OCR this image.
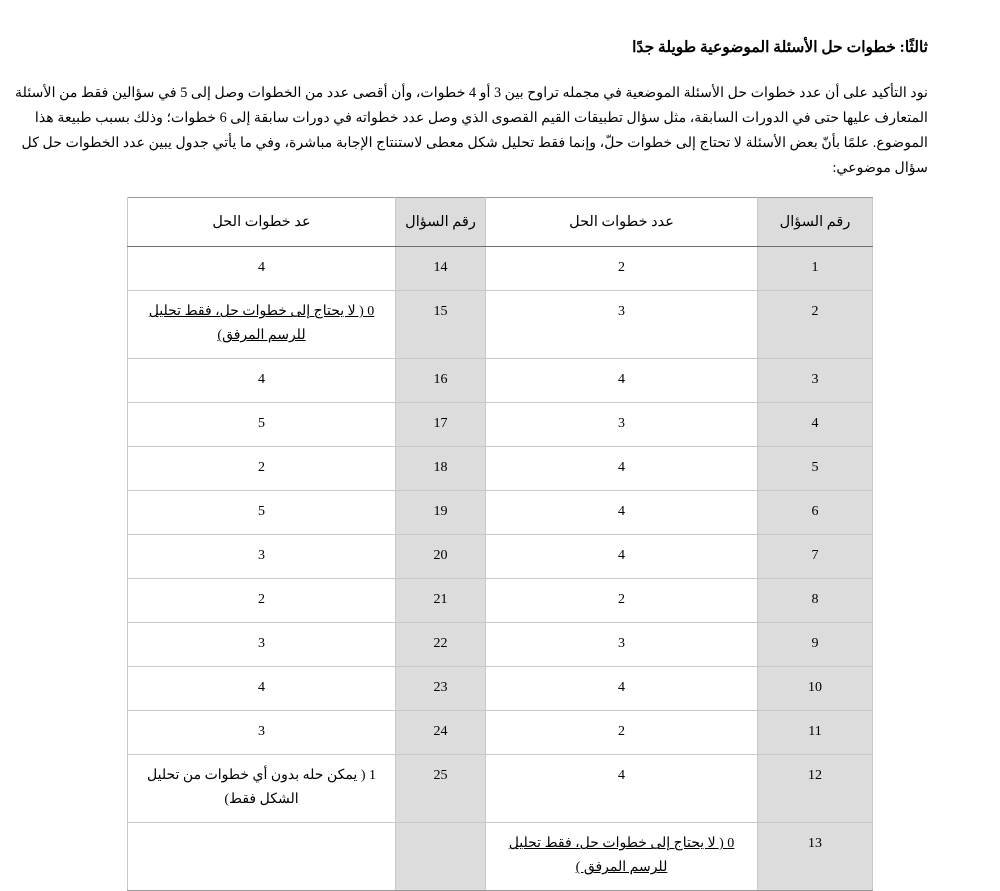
ثالثًا: خطوات حل الأسئلة الموضوعية طويلة جدًا
نود التأكيد على أن عدد خطوات حل الأسئلة الموضعية في مجمله تراوح بين 3 أو 4 خطوات، وأن أقصى عدد من الخطوات وصل إلى 5 في سؤالين فقط من الأسئلة
المتعارف عليها حتى في الدورات السابقة، مثل سؤال تطبيقات القيم القصوى الذي وصل عدد خطواته في دورات سابقة إلى 6 خطوات؛ وذلك بسبب طبيعة هذا
الموضوع. علمًا بأنّ بعض الأسئلة لا تحتاج إلى خطوات حلّ، وإنما فقط تحليل شكل معطى لاستنتاج الإجابة مباشرة، وفي ما يأتي جدول يبين عدد الخطوات حل كل
سؤال موضوعي:
رقم السؤال	عدد خطوات الحل	رقم السؤال	عد خطوات الحل
1	2	14	4
2	3	15	0 ( لا يحتاج إلى خطوات حل، فقط تحليل للرسم المرفق)
3	4	16	4
4	3	17	5
5	4	18	2
6	4	19	5
7	4	20	3
8	2	21	2
9	3	22	3
10	4	23	4
11	2	24	3
12	4	25	1 ( يمكن حله بدون أي خطوات من تحليل الشكل فقط)
13	0 ( لا يحتاج إلى خطوات حل، فقط تحليل للرسم المرفق )		
